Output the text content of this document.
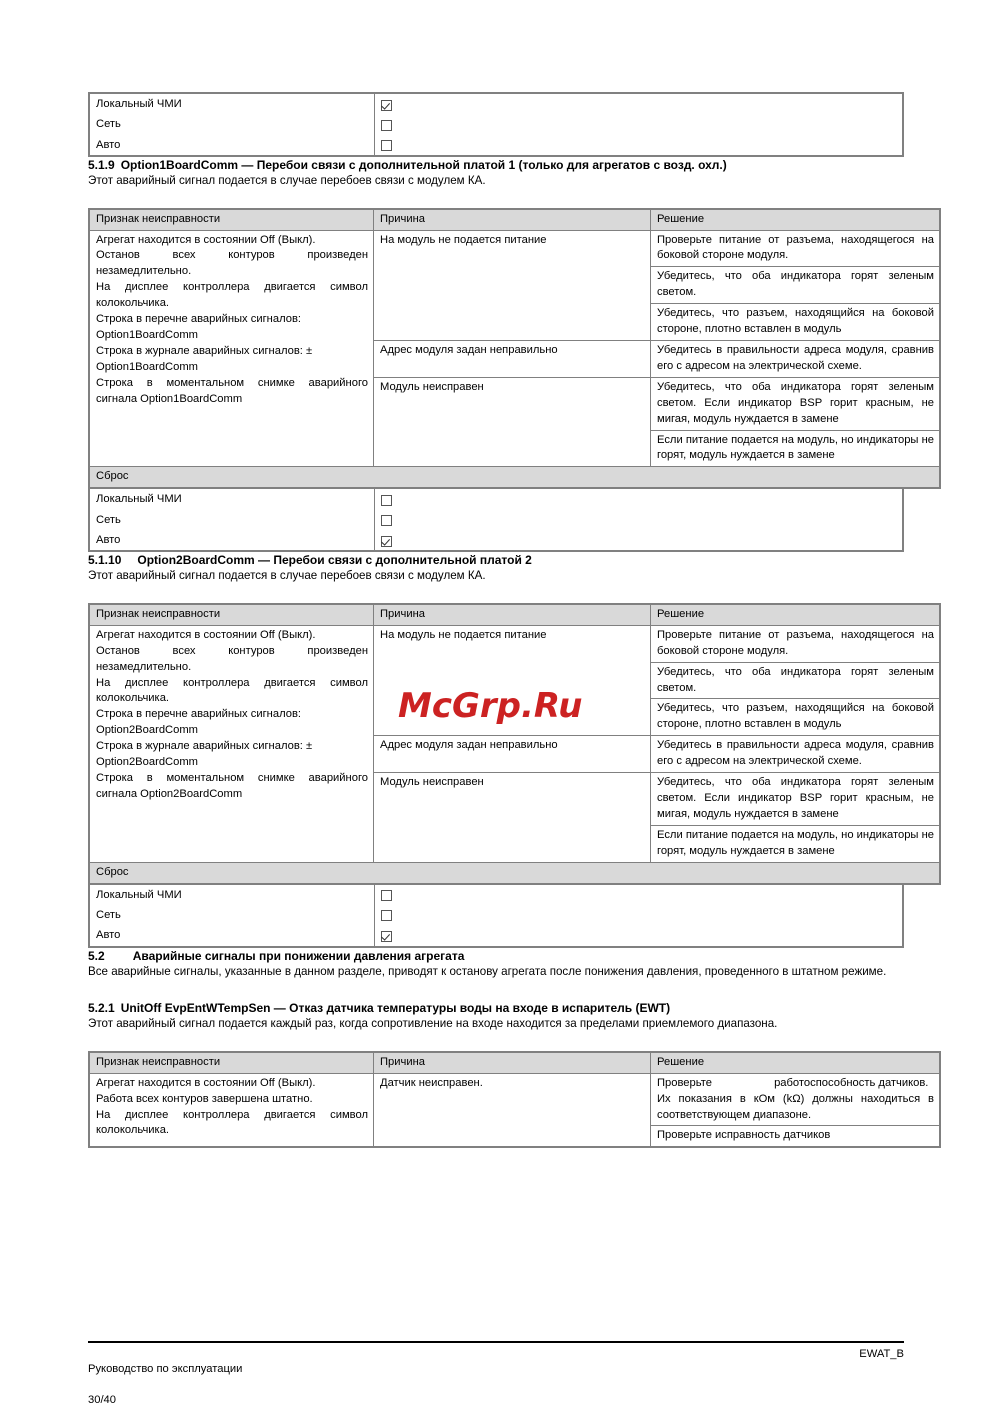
Локальный ЧМИ	
Сеть	
Авто	
5.1.9 Option1BoardComm — Перебои связи с дополнительной платой 1 (только для агрегатов с возд. охл.)

Этот аварийный сигнал подается в случае перебоев связи с модулем КА.

Признак неисправности	Причина	Решение

Агрегат находится в состоянии Off (Выкл).

Останов всех контуров произведен незамедлительно.

На дисплее контроллера двигается символ колокольчика.

Строка в перечне аварийных сигналов: Option1BoardComm

Строка в журнале аварийных сигналов: ± Option1BoardComm

Строка в моментальном снимке аварийного сигнала Option1BoardComm

	На модуль не подается питание	Проверьте питание от разъема, находящегося на боковой стороне модуля.
		Убедитесь, что оба индикатора горят зеленым светом.
		Убедитесь, что разъем, находящийся на боковой стороне, плотно вставлен в модуль
	Адрес модуля задан неправильно	Убедитесь в правильности адреса модуля, сравнив его с адресом на электрической схеме.
	Модуль неисправен	Убедитесь, что оба индикатора горят зеленым светом. Если индикатор BSP горит красным, не мигая, модуль нуждается в замене
		Если питание подается на модуль, но индикаторы не горят, модуль нуждается в замене
Сброс		
Локальный ЧМИ	
Сеть	
Авто	
5.1.10 Option2BoardComm — Перебои связи с дополнительной платой 2

Этот аварийный сигнал подается в случае перебоев связи с модулем КА.

Признак неисправности	Причина	Решение

Агрегат находится в состоянии Off (Выкл).

Останов всех контуров произведен незамедлительно.

На дисплее контроллера двигается символ колокольчика.

Строка в перечне аварийных сигналов: Option2BoardComm

Строка в журнале аварийных сигналов: ± Option2BoardComm

Строка в моментальном снимке аварийного сигнала Option2BoardComm

	На модуль не подается питание	Проверьте питание от разъема, находящегося на боковой стороне модуля.
		Убедитесь, что оба индикатора горят зеленым светом.
		Убедитесь, что разъем, находящийся на боковой стороне, плотно вставлен в модуль
	Адрес модуля задан неправильно	Убедитесь в правильности адреса модуля, сравнив его с адресом на электрической схеме.
	Модуль неисправен	Убедитесь, что оба индикатора горят зеленым светом. Если индикатор BSP горит красным, не мигая, модуль нуждается в замене
		Если питание подается на модуль, но индикаторы не горят, модуль нуждается в замене
Сброс		
Локальный ЧМИ	
Сеть	
Авто	
5.2 Аварийные сигналы при понижении давления агрегата

Все аварийные сигналы, указанные в данном разделе, приводят к останову агрегата после понижения давления, проведенного в штатном режиме.

5.2.1 UnitOff EvpEntWTempSen — Отказ датчика температуры воды на входе в испаритель (EWT)

Этот аварийный сигнал подается каждый раз, когда сопротивление на входе находится за пределами приемлемого диапазона.

Признак неисправности	Причина	Решение

Агрегат находится в состоянии Off (Выкл).

Работа всех контуров завершена штатно.

На дисплее контроллера двигается символ колокольчика.

	Датчик неисправен.	Проверьте                    работоспособность датчиков.

Их показания в кОм (kΩ) должны находиться в соответствующем диапазоне.

		Проверьте исправность датчиков
McGrp.Ru

Руководство по эксплуатации

30/40

EWAT_B
